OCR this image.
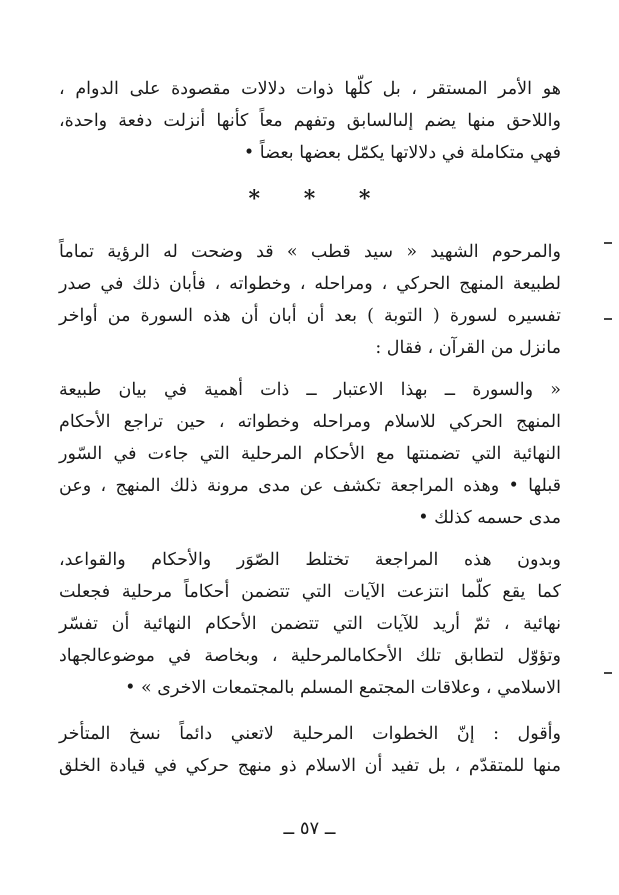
هو الأمر المستقر ، بل كلّها ذوات دلالات مقصودة على الدوام ،
واللاحق منها يضم إلىالسابق وتفهم معاً كأنها أنزلت دفعة واحدة،
فهي متكاملة في دلالاتها يكمّل بعضها بعضاً •
* * *
والمرحوم الشهيد « سيد قطب » قد وضحت له الرؤية تماماً
لطبيعة المنهج الحركي ، ومراحله ، وخطواته ، فأبان ذلك في صدر
تفسيره لسورة ( التوبة ) بعد أن أبان أن هذه السورة من أواخر
مانزل من القرآن ، فقال :
« والسورة ــ بهذا الاعتبار ــ ذات أهمية في بيان طبيعة
المنهج الحركي للاسلام ومراحله وخطواته ، حين تراجع الأحكام
النهائية التي تضمنتها مع الأحكام المرحلية التي جاءت في السّور
قبلها • وهذه المراجعة تكشف عن مدى مرونة ذلك المنهج ، وعن
مدى حسمه كذلك •
وبدون هذه المراجعة تختلط الصّوَر والأحكام والقواعد،
كما يقع كلّما انتزعت الآيات التي تتضمن أحكاماً مرحلية فجعلت
نهائية ، ثمّ أريد للآيات التي تتضمن الأحكام النهائية أن تفسّر
وتؤوّل لتطابق تلك الأحكامالمرحلية ، وبخاصة في موضوعالجهاد
الاسلامي ، وعلاقات المجتمع المسلم بالمجتمعات الاخرى » •
وأقول : إنّ الخطوات المرحلية لاتعني دائماً نسخ المتأخر
منها للمتقدّم ، بل تفيد أن الاسلام ذو منهج حركي في قيادة الخلق
ــ ٥٧ ــ
